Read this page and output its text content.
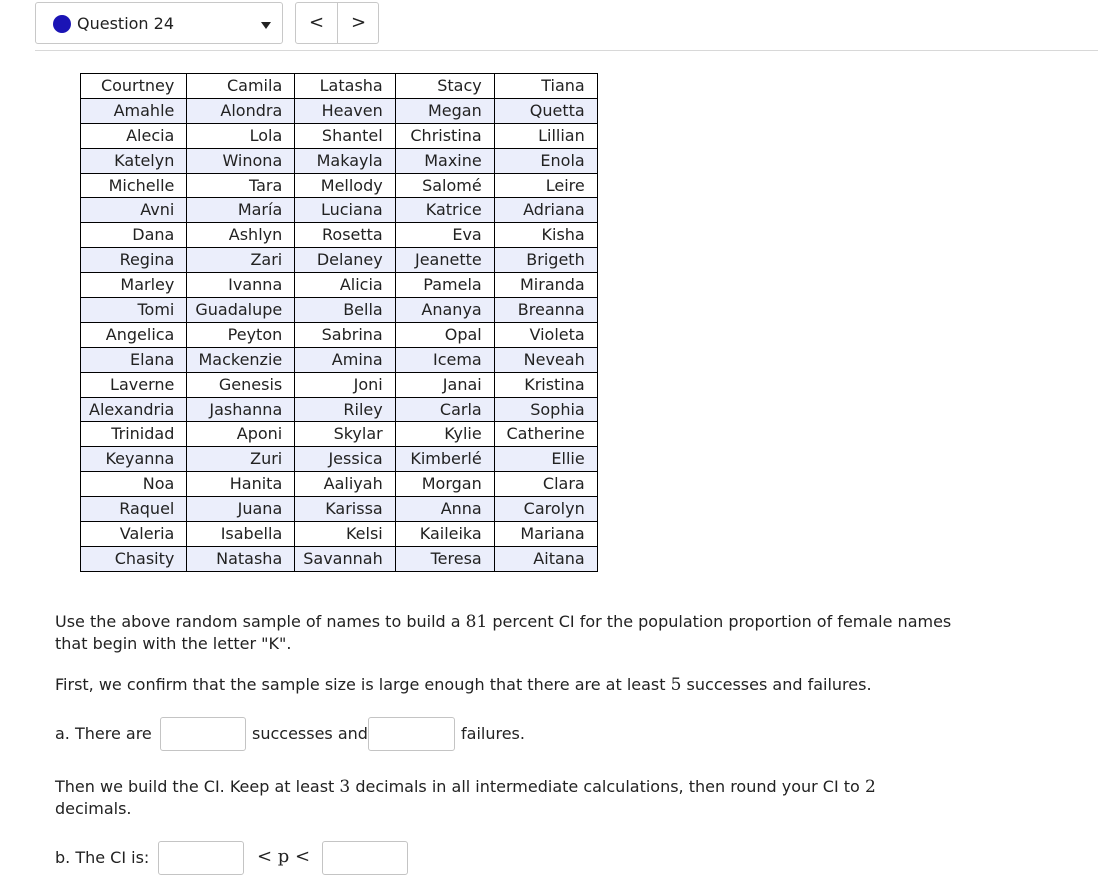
Question 24	<	>
Courtney	Camila	Latasha	Stacy	Tiana
Amahle	Alondra	Heaven	Megan	Quetta
Alecia	Lola	Shantel	Christina	Lillian
Katelyn	Winona	Makayla	Maxine	Enola
Michelle	Tara	Mellody	Salomé	Leire
Avni	María	Luciana	Katrice	Adriana
Dana	Ashlyn	Rosetta	Eva	Kisha
Regina	Zari	Delaney	Jeanette	Brigeth
Marley	Ivanna	Alicia	Pamela	Miranda
Tomi	Guadalupe	Bella	Ananya	Breanna
Angelica	Peyton	Sabrina	Opal	Violeta
Elana	Mackenzie	Amina	Icema	Neveah
Laverne	Genesis	Joni	Janai	Kristina
Alexandria	Jashanna	Riley	Carla	Sophia
Trinidad	Aponi	Skylar	Kylie	Catherine
Keyanna	Zuri	Jessica	Kimberlé	Ellie
Noa	Hanita	Aaliyah	Morgan	Clara
Raquel	Juana	Karissa	Anna	Carolyn
Valeria	Isabella	Kelsi	Kaileika	Mariana
Chasity	Natasha	Savannah	Teresa	Aitana
Use the above random sample of names to build a 81 percent CI for the population proportion of female names that begin with the letter "K".
First, we confirm that the sample size is large enough that there are at least 5 successes and failures.
a. There are	successes and	failures.
Then we build the CI. Keep at least 3 decimals in all intermediate calculations, then round your CI to 2 decimals.
b. The CI is:	< p <
